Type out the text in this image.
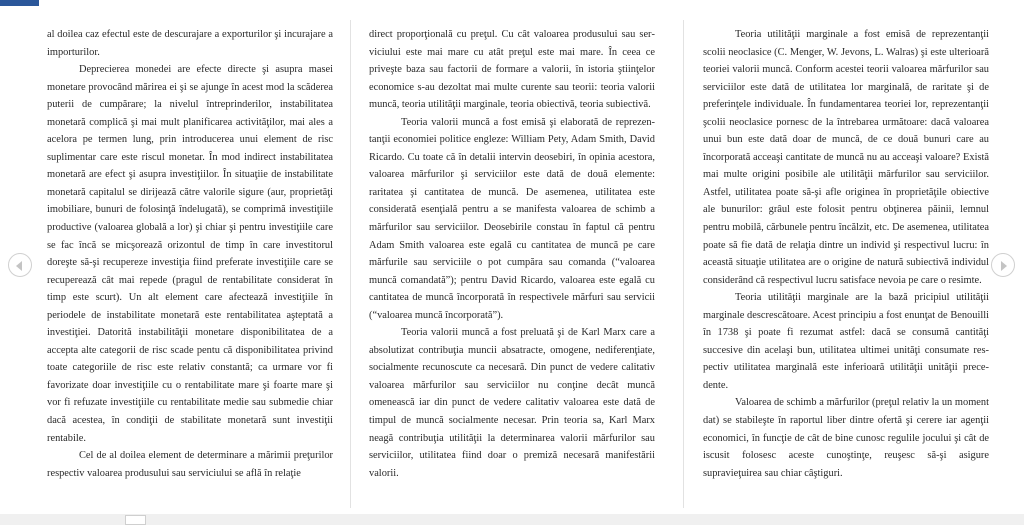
al doilea caz efectul este de descurajare a exporturilor şi incurajare a importurilor.

Deprecierea monedei are efecte directe şi asupra masei monetare provocând mărirea ei şi se ajunge în acest mod la scăderea puterii de cumpărare; la nivelul întreprinderilor, instabilitatea monetară complică şi mai mult planificarea activităţilor, mai ales a acelora pe termen lung, prin introducerea unui element de risc suplimentar care este riscul monetar. În mod indirect instabilitatea monetară are efect şi asupra investiţiilor. În situaţiie de instabilitate monetară capitalul se dirijează către valorile sigure (aur, proprietăţi imobiliare, bunuri de folosinţă îndelugată), se comprimă investiţiile productive (valoarea globală a lor) şi chiar şi pentru investiţiile care se fac încă se micşorează orizontul de timp în care investitorul doreşte să-şi recupereze investiţia fiind preferate investiţiile care se recuperează cât mai repede (pragul de rentabilitate considerat în timp este scurt). Un alt element care afectează investiţiile în periodele de instabilitate monetară este rentabilitatea aşteptată a investiţiei. Datorită instabilităţii monetare disponibilitatea de a accepta alte categorii de risc scade pentu că disponibilitatea privind toate categoriile de risc este relativ constantă; ca urmare vor fi favorizate doar investiţiile cu o rentabilitate mare şi foarte mare şi vor fi refuzate investiţiile cu rentabilitate medie sau submedie chiar dacă acestea, în condiţii de stabilitate monetară sunt investiţii rentabile.

Cel de al doilea element de determinare a mărimii preţurilor respectiv valoarea produsului sau serviciului se află în relaţie

direct proporţională cu preţul. Cu cât valoarea produsului sau serviciului este mai mare cu atât preţul este mai mare. În ceea ce priveşte baza sau factorii de formare a valorii, în istoria ştiinţelor economice s-au dezoltat mai multe curente sau teorii: teoria valorii muncă, teoria utilităţii marginale, teoria obiectivă, teoria subiectivă.

Teoria valorii muncă a fost emisă şi elaborată de reprezentanţii economiei politice engleze: William Pety, Adam Smith, David Ricardo. Cu toate că în detalii intervin deosebiri, în opinia acestora, valoarea mărfurilor şi serviciilor este dată de două elemente: raritatea şi cantitatea de muncă. De asemenea, utilitatea este considerată esenţială pentru a se manifesta valoarea de schimb a mărfurilor sau serviciilor. Deosebirile constau în faptul că pentru Adam Smith valoarea este egală cu cantitatea de muncă pe care mărfurile sau serviciile o pot cumpăra sau comanda (“valoarea muncă comandată”); pentru David Ricardo, valoarea este egală cu cantitatea de muncă încorporată în respectivele mărfuri sau servicii (“valoarea muncă încorporată”).

Teoria valorii muncă a fost preluată şi de Karl Marx care a absolutizat contribuţia muncii absatracte, omogene, nediferenţiate, socialmente recunoscute ca necesară. Din punct de vedere calitativ valoarea mărfurilor sau serviciilor nu conţine decât muncă omenească iar din punct de vedere calitativ valoarea este dată de timpul de muncă socialmente necesar. Prin teoria sa, Karl Marx neagă contribuţia utilităţii la determinarea valorii mărfurilor sau serviciilor, utilitatea fiind doar o premiză necesară manifestării valorii.

Teoria utilităţii marginale a fost emisă de reprezentanţii scolii neoclasice (C. Menger, W. Jevons, L. Walras) şi este ulterioară teoriei valorii muncă. Conform acestei teorii valoarea mărfurilor sau serviciilor este dată de utilitatea lor marginală, de raritate şi de preferinţele individuale. În fundamentarea teoriei lor, reprezentanţii şcolii neoclasice pornesc de la întrebarea următoare: dacă valoarea unui bun este dată doar de muncă, de ce două bunuri care au încorporată acceaşi cantitate de muncă nu au acceaşi valoare? Există mai multe origini posibile ale utilităţii mărfurilor sau serviciilor. Astfel, utilitatea poate să-şi afle originea în proprietăţile obiective ale bunurilor: grâul este folosit pentru obţinerea păinii, lemnul pentru mobilă, cărbunele pentru încălzit, etc. De asemenea, utilitatea poate să fie dată de relaţia dintre un individ şi respectivul lucru: în această situaţie utilitatea are o origine de natură subiectivă individul considerând că respectivul lucru satisface nevoia pe care o resimte.

Teoria utilităţii marginale are la bază pricipiul utilităţii marginale descrescătoare. Acest principiu a fost enunţat de Benouilli în 1738 şi poate fi rezumat astfel: dacă se consumă cantităţi succesive din acelaşi bun, utilitatea ultimei unităţi consumate respectiv utilitatea marginală este inferioară utilităţii unităţii precedente.

Valoarea de schimb a mărfurilor (preţul relativ la un moment dat) se stabileşte în raportul liber dintre ofertă şi cerere iar agenţii economici, în funcţie de cât de bine cunosc regulile jocului şi cât de iscusit folosesc aceste cunoştinţe, reuşesc să-şi asigure supravieţuirea sau chiar câştiguri.
